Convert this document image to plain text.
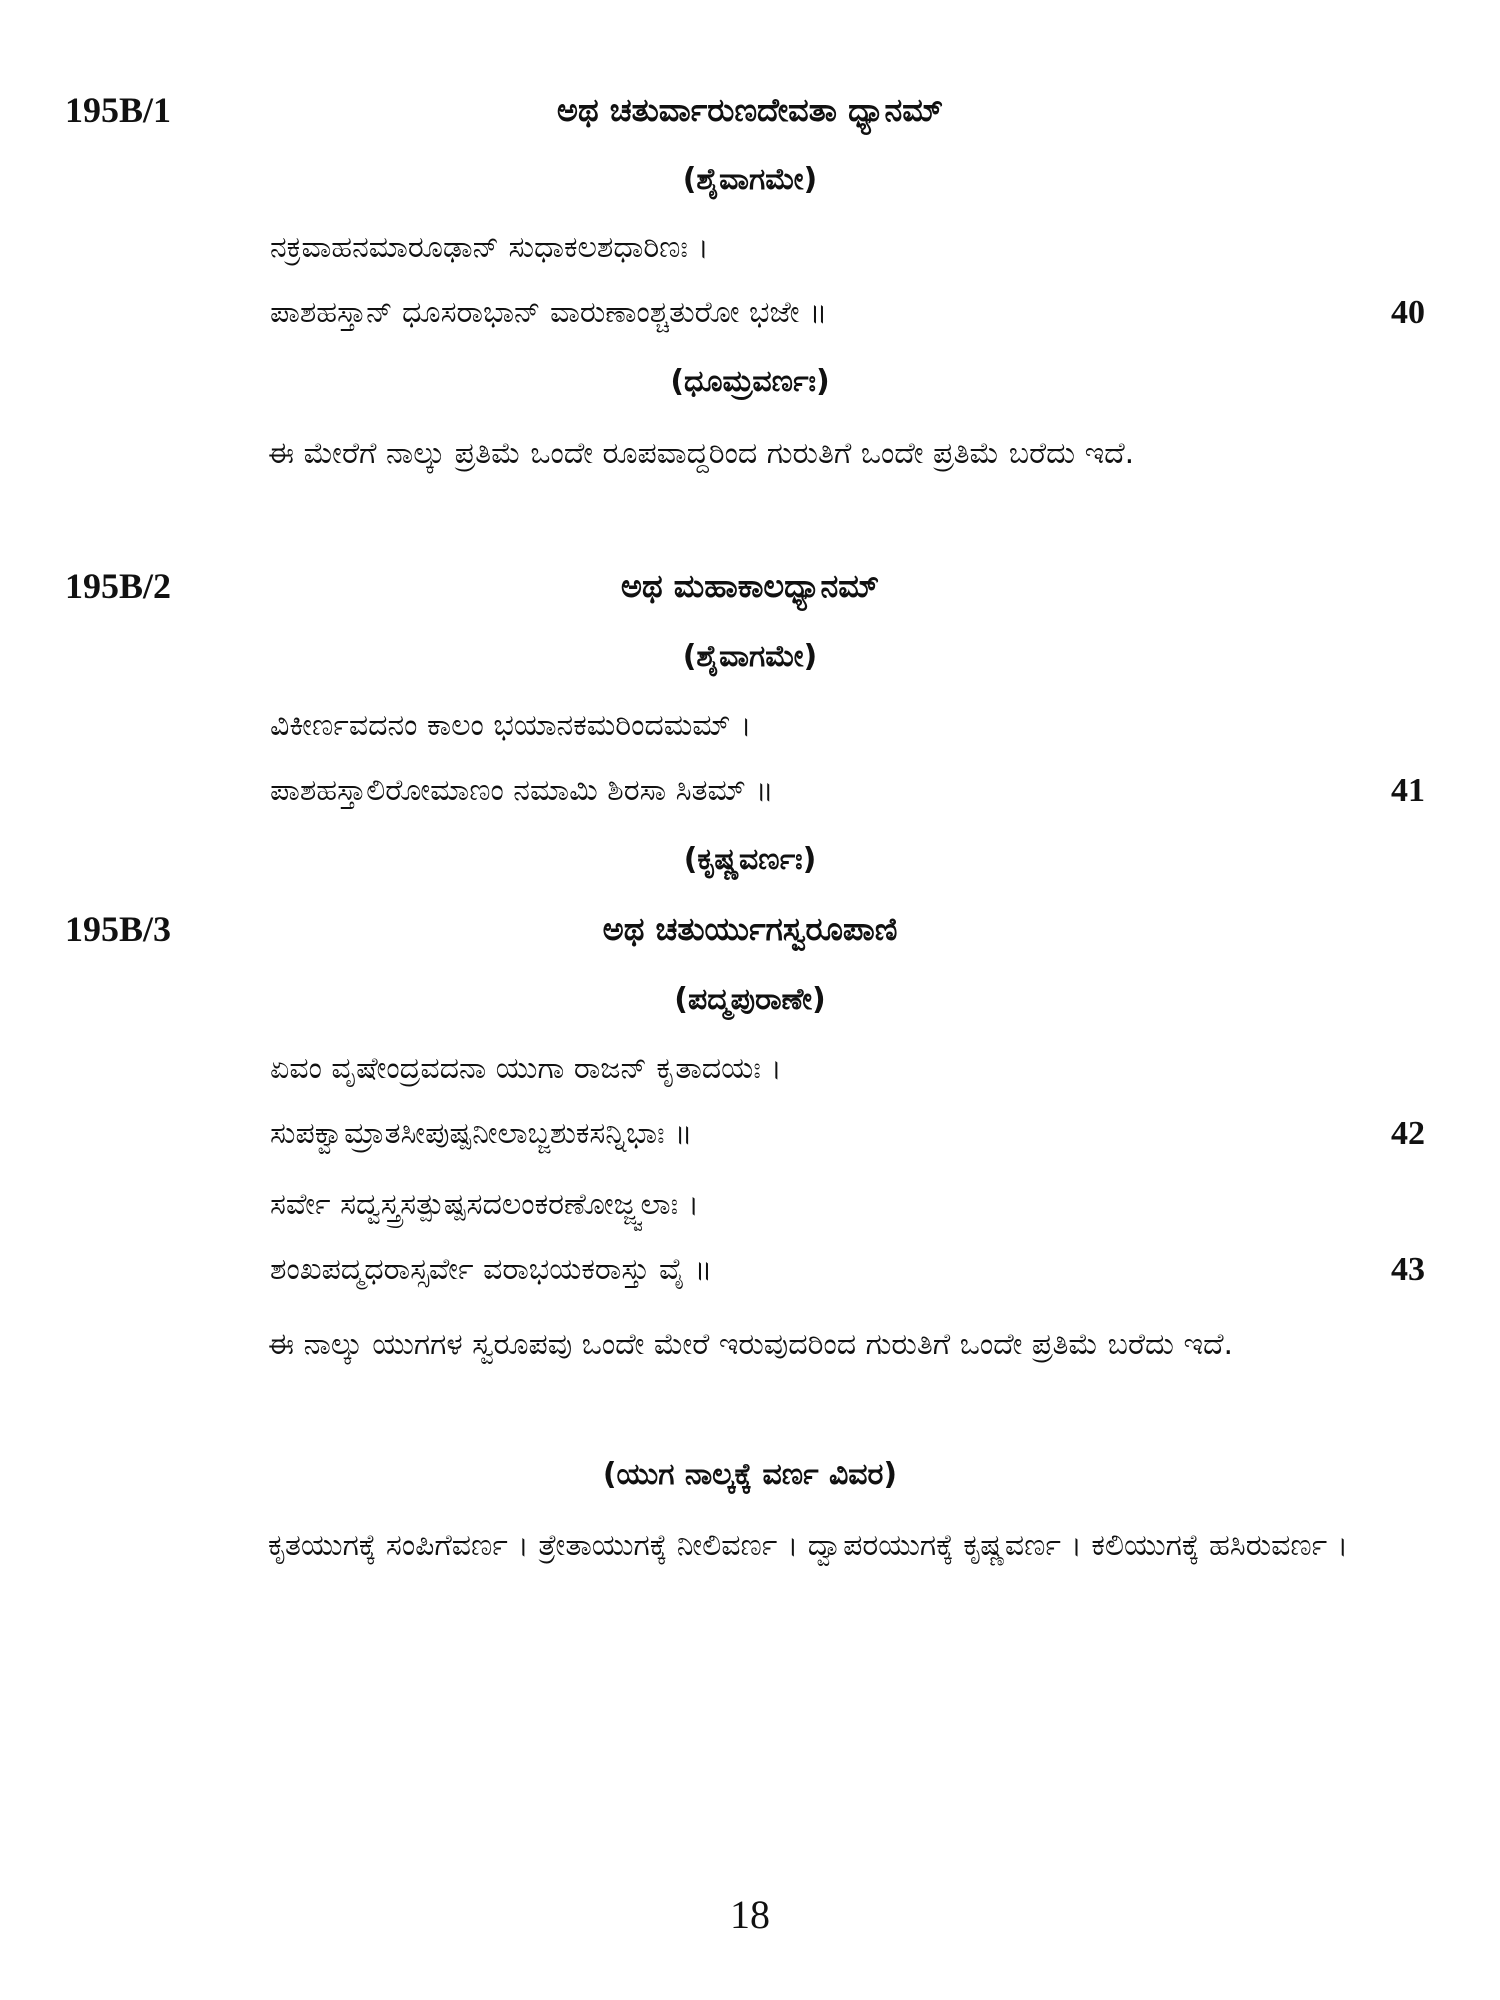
195B/1	ಅಥ ಚತುರ್ವಾರುಣದೇವತಾ ಧ್ಯಾನಮ್
(ಶೈವಾಗಮೇ)
ನಕ್ರವಾಹನಮಾರೂಢಾನ್ ಸುಧಾಕಲಶಧಾರಿಣಃ ।
ಪಾಶಹಸ್ತಾನ್ ಧೂಸರಾಭಾನ್ ವಾರುಣಾಂಶ್ಚತುರೋ ಭಜೇ ॥	40
(ಧೂಮ್ರವರ್ಣಃ)
ಈ ಮೇರೆಗೆ ನಾಲ್ಕು ಪ್ರತಿಮೆ ಒಂದೇ ರೂಪವಾದ್ದರಿಂದ ಗುರುತಿಗೆ ಒಂದೇ ಪ್ರತಿಮೆ ಬರೆದು ಇದೆ.
195B/2	ಅಥ ಮಹಾಕಾಲಧ್ಯಾನಮ್
(ಶೈವಾಗಮೇ)
ವಿಕೀರ್ಣವದನಂ ಕಾಲಂ ಭಯಾನಕಮರಿಂದಮಮ್ ।
ಪಾಶಹಸ್ತಾಲಿರೋಮಾಣಂ ನಮಾಮಿ ಶಿರಸಾ ಸಿತಮ್ ॥	41
(ಕೃಷ್ಣವರ್ಣಃ)
195B/3	ಅಥ ಚತುರ್ಯುಗಸ್ವರೂಪಾಣಿ
(ಪದ್ಮಪುರಾಣೇ)
ಏವಂ ವೃಷೇಂದ್ರವದನಾ ಯುಗಾ ರಾಜನ್ ಕೃತಾದಯಃ ।
ಸುಪಕ್ವಾಮ್ರಾತಸೀಪುಷ್ಪನೀಲಾಬ್ಜಶುಕಸನ್ನಿಭಾಃ ॥	42
ಸರ್ವೇ ಸದ್ವಸ್ತ್ರಸತ್ಪುಷ್ಪಸದಲಂಕರಣೋಜ್ಜ್ವಲಾಃ ।
ಶಂಖಪದ್ಮಧರಾಸ್ಸರ್ವೇ ವರಾಭಯಕರಾಸ್ತು ವೈ ॥	43
ಈ ನಾಲ್ಕು ಯುಗಗಳ ಸ್ವರೂಪವು ಒಂದೇ ಮೇರೆ ಇರುವುದರಿಂದ ಗುರುತಿಗೆ ಒಂದೇ ಪ್ರತಿಮೆ ಬರೆದು ಇದೆ.
(ಯುಗ ನಾಲ್ಕಕ್ಕೆ ವರ್ಣ ವಿವರ)
ಕೃತಯುಗಕ್ಕೆ ಸಂಪಿಗೆವರ್ಣ । ತ್ರೇತಾಯುಗಕ್ಕೆ ನೀಲಿವರ್ಣ । ದ್ವಾಪರಯುಗಕ್ಕೆ ಕೃಷ್ಣವರ್ಣ । ಕಲಿಯುಗಕ್ಕೆ ಹಸಿರುವರ್ಣ ।
18
